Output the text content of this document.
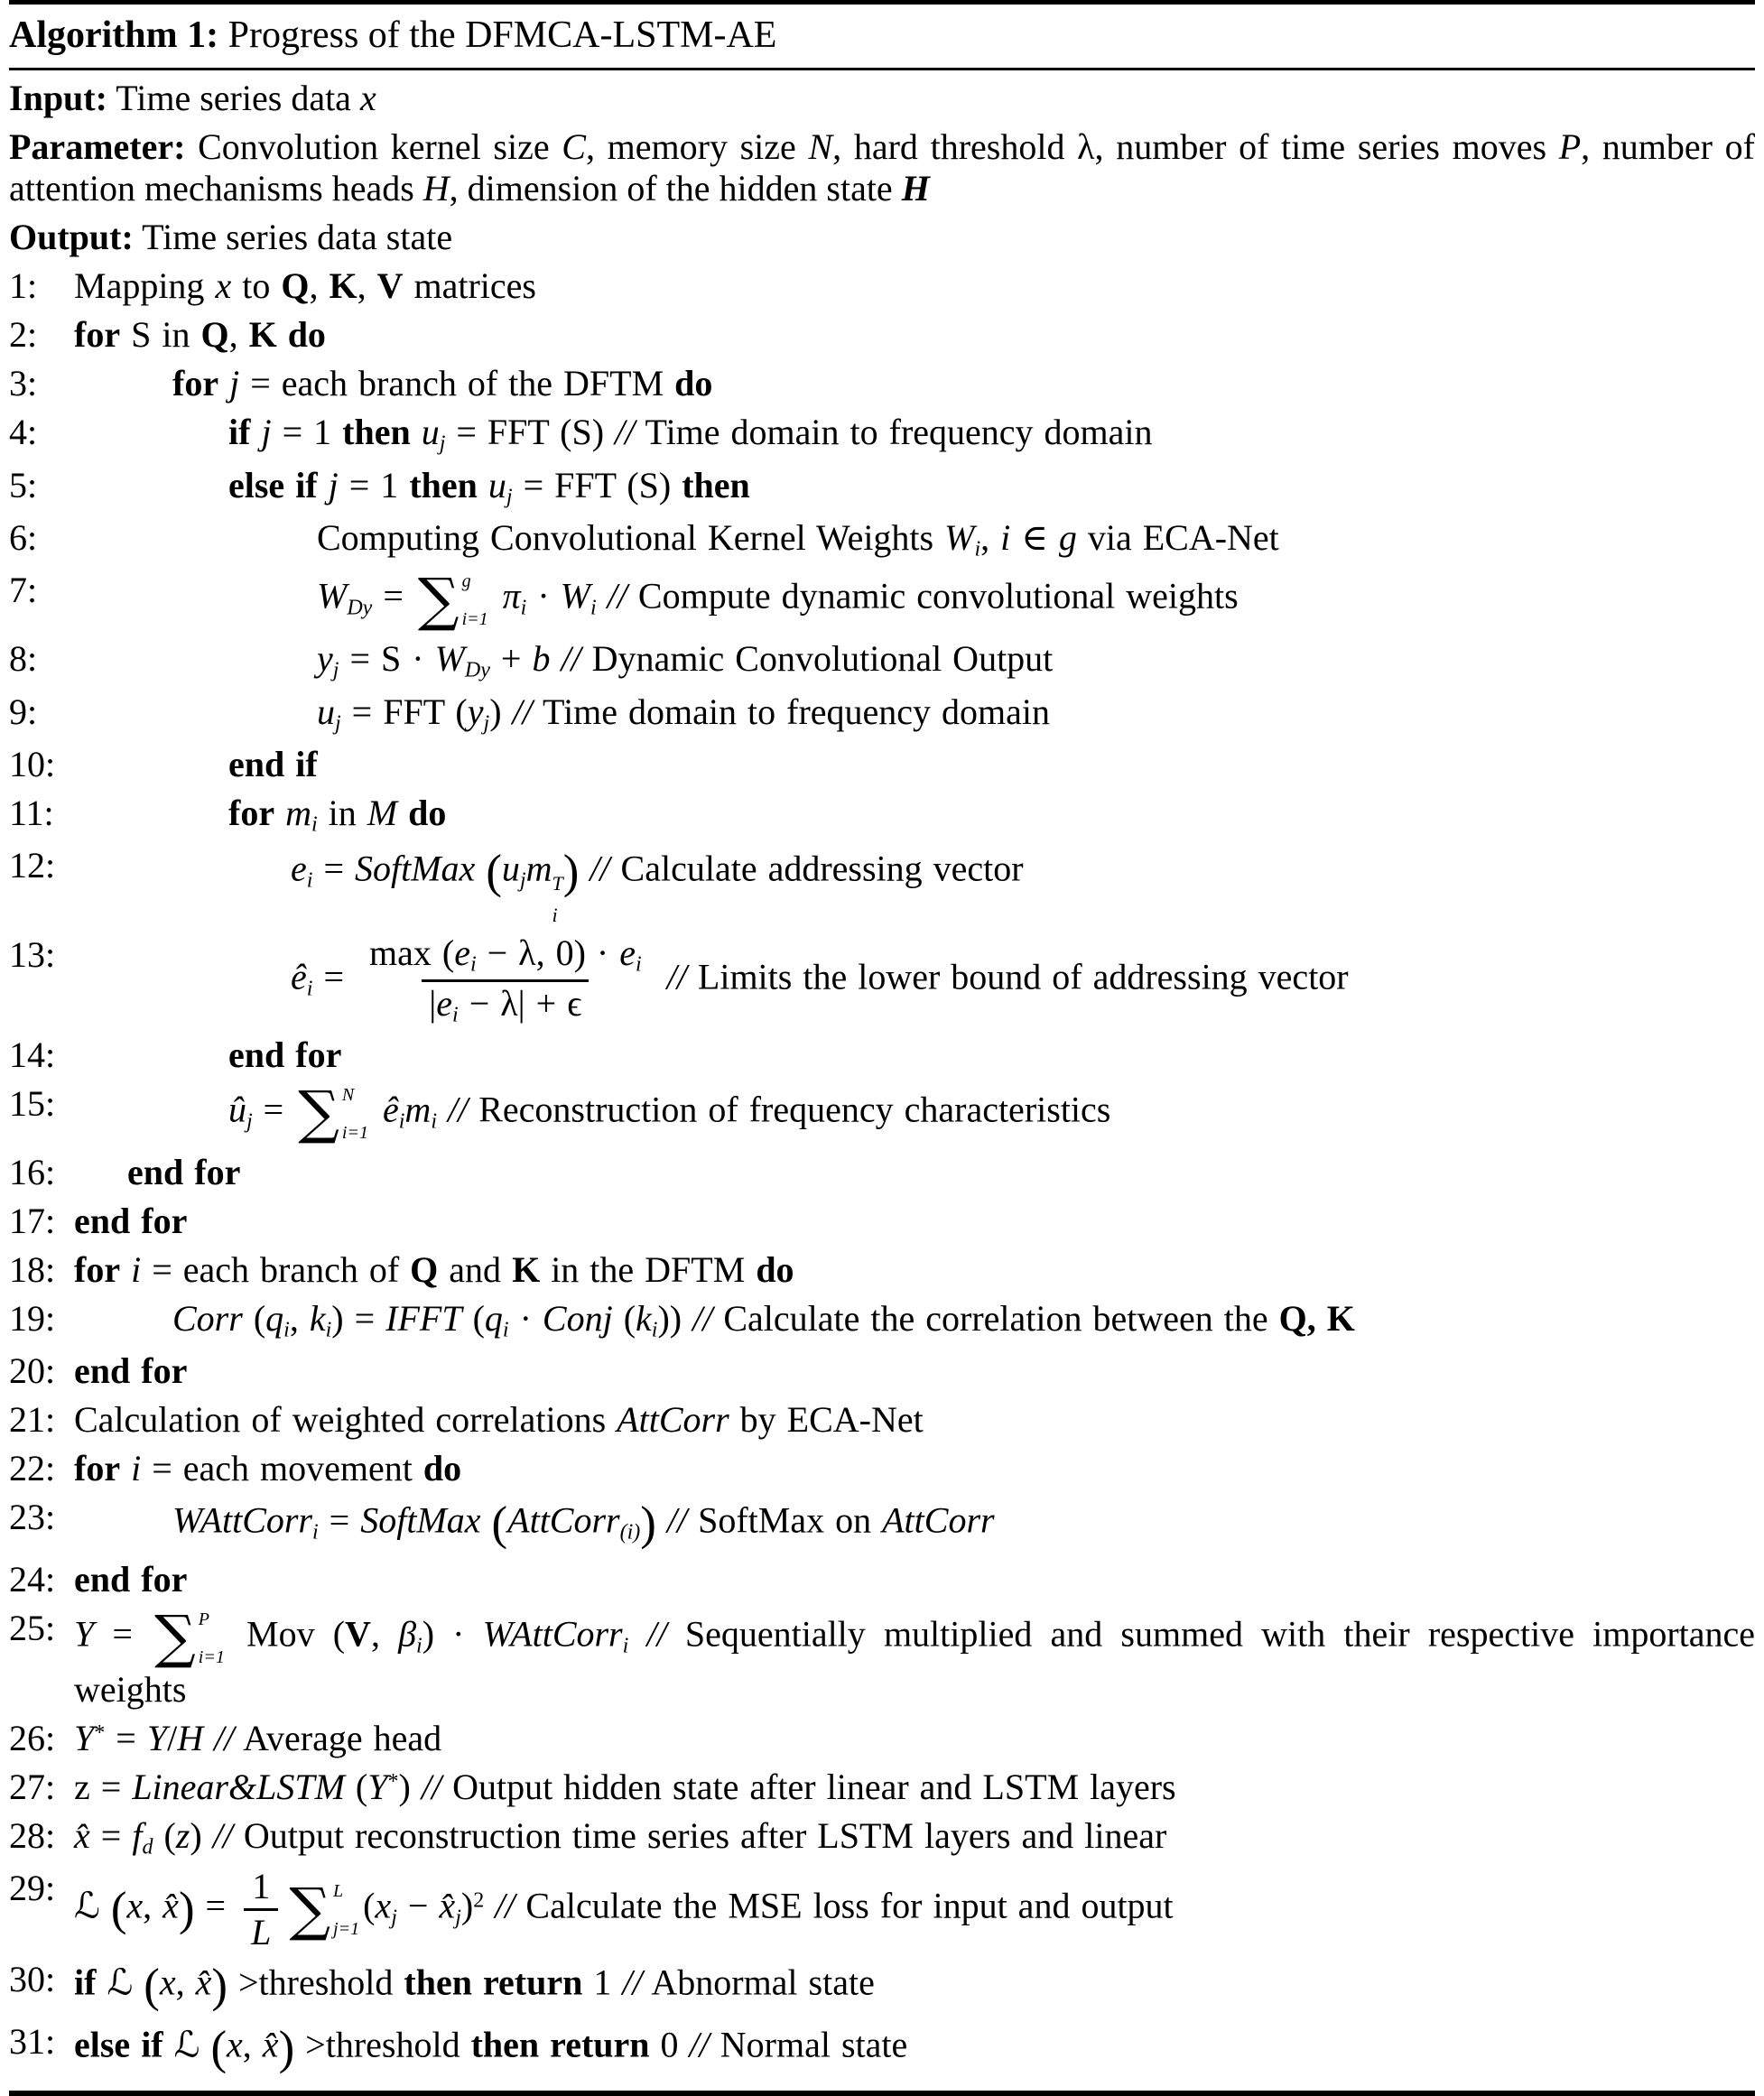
Algorithm 1: Progress of the DFMCA-LSTM-AE
Input: Time series data x
Parameter: Convolution kernel size C, memory size N, hard threshold λ, number of time series moves P, number of attention mechanisms heads H, dimension of the hidden state H
Output: Time series data state
1: Mapping x to Q, K, V matrices
2: for S in Q, K do
3:	for j = each branch of the DFTM do
4:	if j = 1 then $u_j$ = FFT (S) // Time domain to frequency domain
5:	else if j = 1 then $u_j$ = FFT (S) then
6:	Computing Convolutional Kernel Weights $W_i$, i ∈ g via ECA-Net
7:	$W_{Dy}$ = ∑ g
i=1
$\pi_i \cdot W_i$ // Compute dynamic convolutional weights
8:	$y_j = S \cdot W_{Dy} + b$ // Dynamic Convolutional Output
9:	$u_j$ = FFT $(y_j)$ // Time domain to frequency domain
10:	end if
11:	for $m_i$ in M do
12:	$e_i$ = SoftMax ($u_jm$ T
i
) // Calculate addressing vector
13:
$ê_i = \frac{\max (e_i - \lambda, 0) \cdot e_i}{|e_i - \lambda| + \epsilon}$ // Limits the lower bound of addressing vector
14:	end for
15:	$û_j$ = ∑ N
i=1
$ê_im_i$ // Reconstruction of frequency characteristics
16: end for
17: end for
18: for i = each branch of Q and K in the DFTM do
19:	Corr ($q_i$, $k_i$) = IFFT ($q_i$ · Conj $(k_i)$) // Calculate the correlation between the Q, K
20: end for
21: Calculation of weighted correlations AttCorr by ECA-Net
22: for i = each movement do
23:	WAttCorr$_i$ = SoftMax (AttCorr$_{(i)}$) // SoftMax on AttCorr
24: end for
25: Y = ∑ P
i=1
Mov (V, $\beta_i$) · WAttCorr$_i$ // Sequentially multiplied and summed with their respective importance weights
26: Y* = Y/H // Average head
27: z = Linear&LSTM (Y*) // Output hidden state after linear and LSTM layers
28: x̂ = $f_d$ (z) // Output reconstruction time series after LSTM layers and linear
29: ℒ (x, x̂) = $\frac{1}{L}$ ∑ L
j=1
($x_j$ − $x̂_j)^2$ // Calculate the MSE loss for input and output
30: if ℒ (x, x̂) >threshold then return 1 // Abnormal state
31: else if ℒ (x, x̂) >threshold then return 0 // Normal state
